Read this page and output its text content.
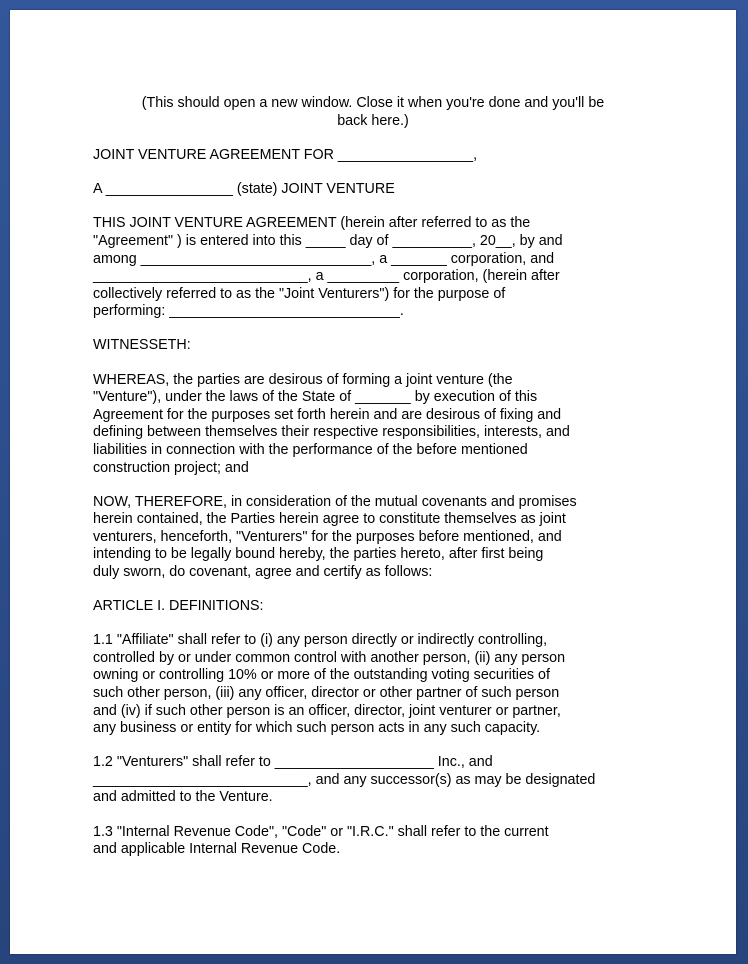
(This should open a new window. Close it when you're done and you'll be
back here.)

JOINT VENTURE AGREEMENT FOR _________________,

A ________________ (state) JOINT VENTURE

THIS JOINT VENTURE AGREEMENT (herein after referred to as the
"Agreement" ) is entered into this _____ day of __________, 20__, by and
among _____________________________, a _______ corporation, and
___________________________, a _________ corporation, (herein after
collectively referred to as the "Joint Venturers") for the purpose of
performing: _____________________________.

WITNESSETH:

WHEREAS, the parties are desirous of forming a joint venture (the
"Venture"), under the laws of the State of _______ by execution of this
Agreement for the purposes set forth herein and are desirous of fixing and
defining between themselves their respective responsibilities, interests, and
liabilities in connection with the performance of the before mentioned
construction project; and

NOW, THEREFORE, in consideration of the mutual covenants and promises
herein contained, the Parties herein agree to constitute themselves as joint
venturers, henceforth, "Venturers" for the purposes before mentioned, and
intending to be legally bound hereby, the parties hereto, after first being
duly sworn, do covenant, agree and certify as follows:

ARTICLE I. DEFINITIONS:

1.1 "Affiliate" shall refer to (i) any person directly or indirectly controlling,
controlled by or under common control with another person, (ii) any person
owning or controlling 10% or more of the outstanding voting securities of
such other person, (iii) any officer, director or other partner of such person
and (iv) if such other person is an officer, director, joint venturer or partner,
any business or entity for which such person acts in any such capacity.

1.2 "Venturers" shall refer to ____________________ Inc., and
___________________________, and any successor(s) as may be designated
and admitted to the Venture.

1.3 "Internal Revenue Code", "Code" or "I.R.C." shall refer to the current
and applicable Internal Revenue Code.
